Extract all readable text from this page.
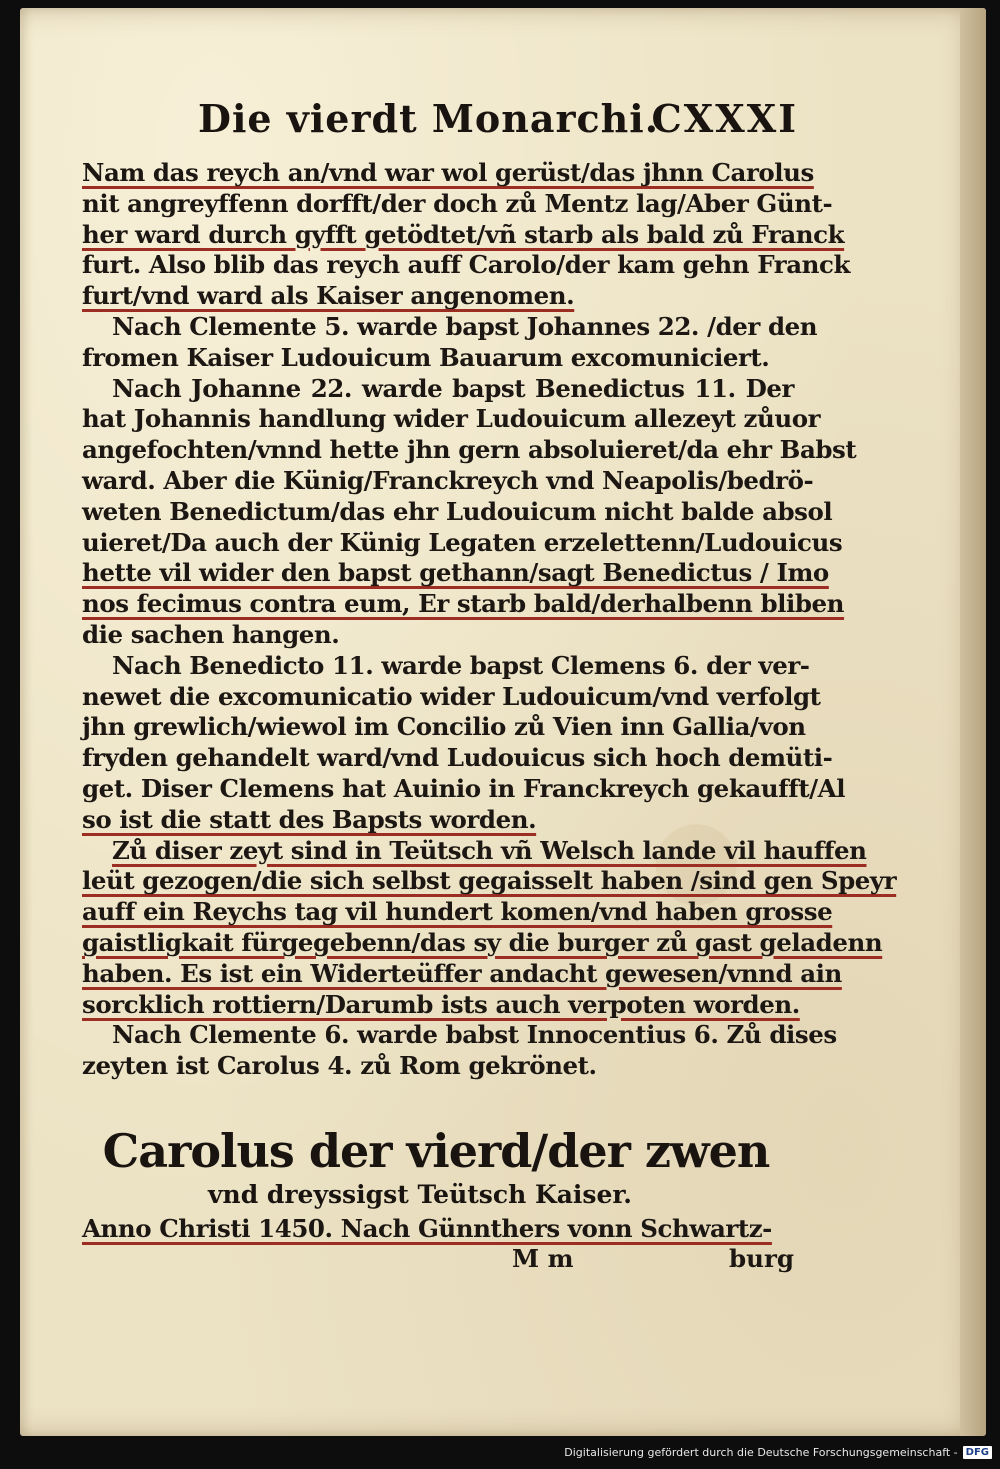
Die vierdt Monarchi.
CXXXI
Nam das reych an/vnd war wol gerüst/das jhnn Carolus
nit angreyffenn dorfft/der doch zů Mentz lag/Aber Günt-
her ward durch gyfft getödtet/vñ starb als bald zů Franck
furt. Also blib das reych auff Carolo/der kam gehn Franck
furt/vnd ward als Kaiser angenomen.
Nach Clemente 5. warde bapst Johannes 22. /der den
fromen Kaiser Ludouicum Bauarum excomuniciert.
Nach Johanne 22. warde bapst Benedictus 11. Der
hat Johannis handlung wider Ludouicum allezeyt zůuor
angefochten/vnnd hette jhn gern absoluieret/da ehr Babst
ward. Aber die Künig/Franckreych vnd Neapolis/bedrö-
weten Benedictum/das ehr Ludouicum nicht balde absol
uieret/Da auch der Künig Legaten erzelettenn/Ludouicus
hette vil wider den bapst gethann/sagt Benedictus / Imo
nos fecimus contra eum, Er starb bald/derhalbenn bliben
die sachen hangen.
Nach Benedicto 11. warde bapst Clemens 6. der ver-
newet die excomunicatio wider Ludouicum/vnd verfolgt
jhn grewlich/wiewol im Concilio zů Vien inn Gallia/von
fryden gehandelt ward/vnd Ludouicus sich hoch demüti-
get. Diser Clemens hat Auinio in Franckreych gekaufft/Al
so ist die statt des Bapsts worden.
Zů diser zeyt sind in Teütsch vñ Welsch lande vil hauffen
leüt gezogen/die sich selbst gegaisselt haben /sind gen Speyr
auff ein Reychs tag vil hundert komen/vnd haben grosse
gaistligkait fürgegebenn/das sy die burger zů gast geladenn
haben. Es ist ein Widerteüffer andacht gewesen/vnnd ain
sorcklich rottiern/Darumb ists auch verpoten worden.
Nach Clemente 6. warde babst Innocentius 6. Zů dises
zeyten ist Carolus 4. zů Rom gekrönet.
Carolus der vierd/der zwen
vnd dreyssigst Teütsch Kaiser.
Anno Christi 1450. Nach Günnthers vonn Schwartz-
M m	burg
Digitalisierung gefördert durch die Deutsche Forschungsgemeinschaft - DFG
